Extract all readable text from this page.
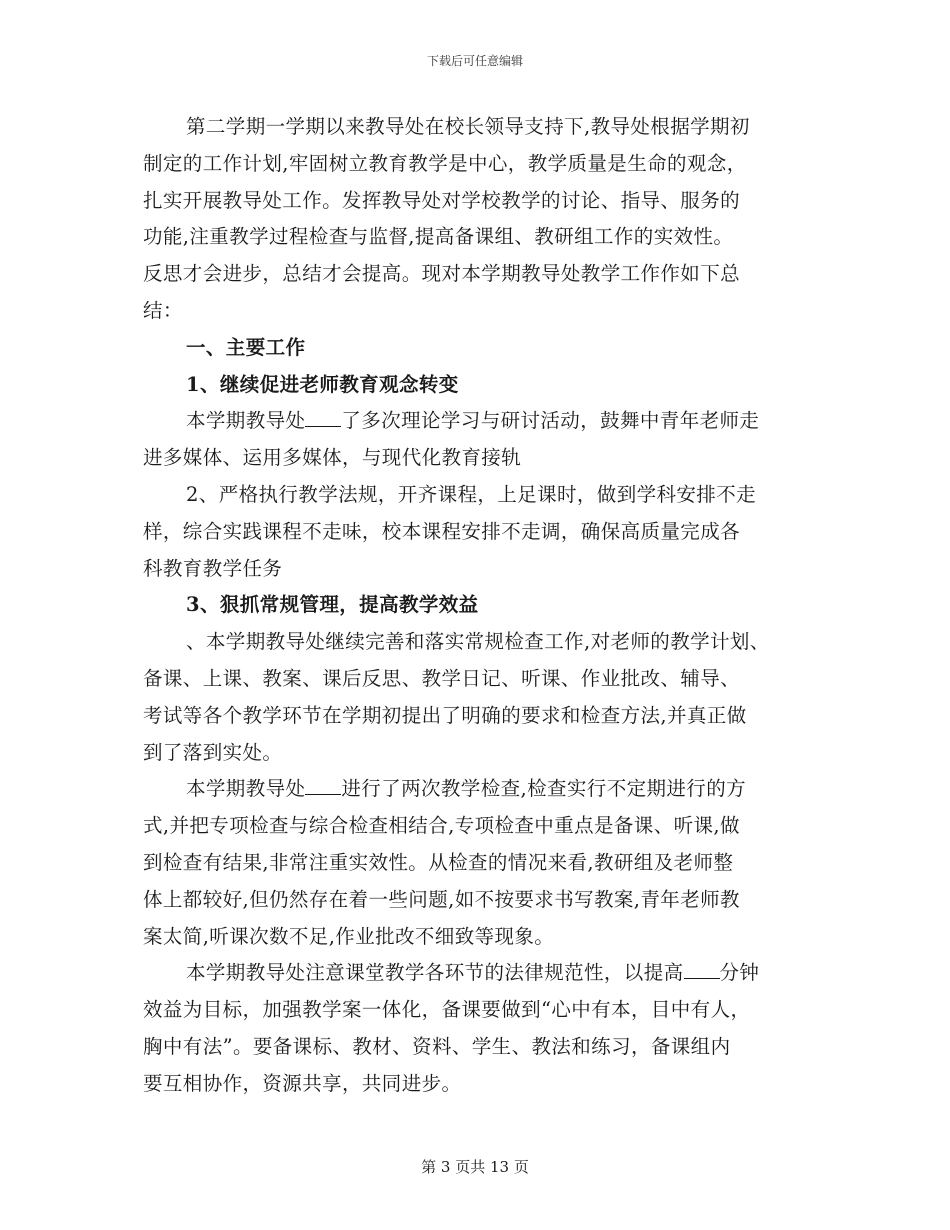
下载后可任意编辑
第二学期一学期以来教导处在校长领导支持下,教导处根据学期初
制定的工作计划,牢固树立教育教学是中心，教学质量是生命的观念，
扎实开展教导处工作。发挥教导处对学校教学的讨论、指导、服务的
功能,注重教学过程检查与监督,提高备课组、教研组工作的实效性。
反思才会进步，总结才会提高。现对本学期教导处教学工作作如下总
结：
一、主要工作
1、继续促进老师教育观念转变
本学期教导处 了多次理论学习与研讨活动，鼓舞中青年老师走
进多媒体、运用多媒体，与现代化教育接轨
2、严格执行教学法规，开齐课程，上足课时，做到学科安排不走
样，综合实践课程不走味，校本课程安排不走调，确保高质量完成各
科教育教学任务
3、狠抓常规管理，提高教学效益
、本学期教导处继续完善和落实常规检查工作,对老师的教学计划、
备课、上课、教案、课后反思、教学日记、听课、作业批改、辅导、
考试等各个教学环节在学期初提出了明确的要求和检查方法,并真正做
到了落到实处。
本学期教导处 进行了两次教学检查,检查实行不定期进行的方
式,并把专项检查与综合检查相结合,专项检查中重点是备课、听课,做
到检查有结果,非常注重实效性。从检查的情况来看,教研组及老师整
体上都较好,但仍然存在着一些问题,如不按要求书写教案,青年老师教
案太简,听课次数不足,作业批改不细致等现象。
本学期教导处注意课堂教学各环节的法律规范性，以提高 分钟
效益为目标，加强教学案一体化，备课要做到“心中有本，目中有人，
胸中有法”。要备课标、教材、资料、学生、教法和练习，备课组内
要互相协作，资源共享，共同进步。
第 3 页共 13 页
